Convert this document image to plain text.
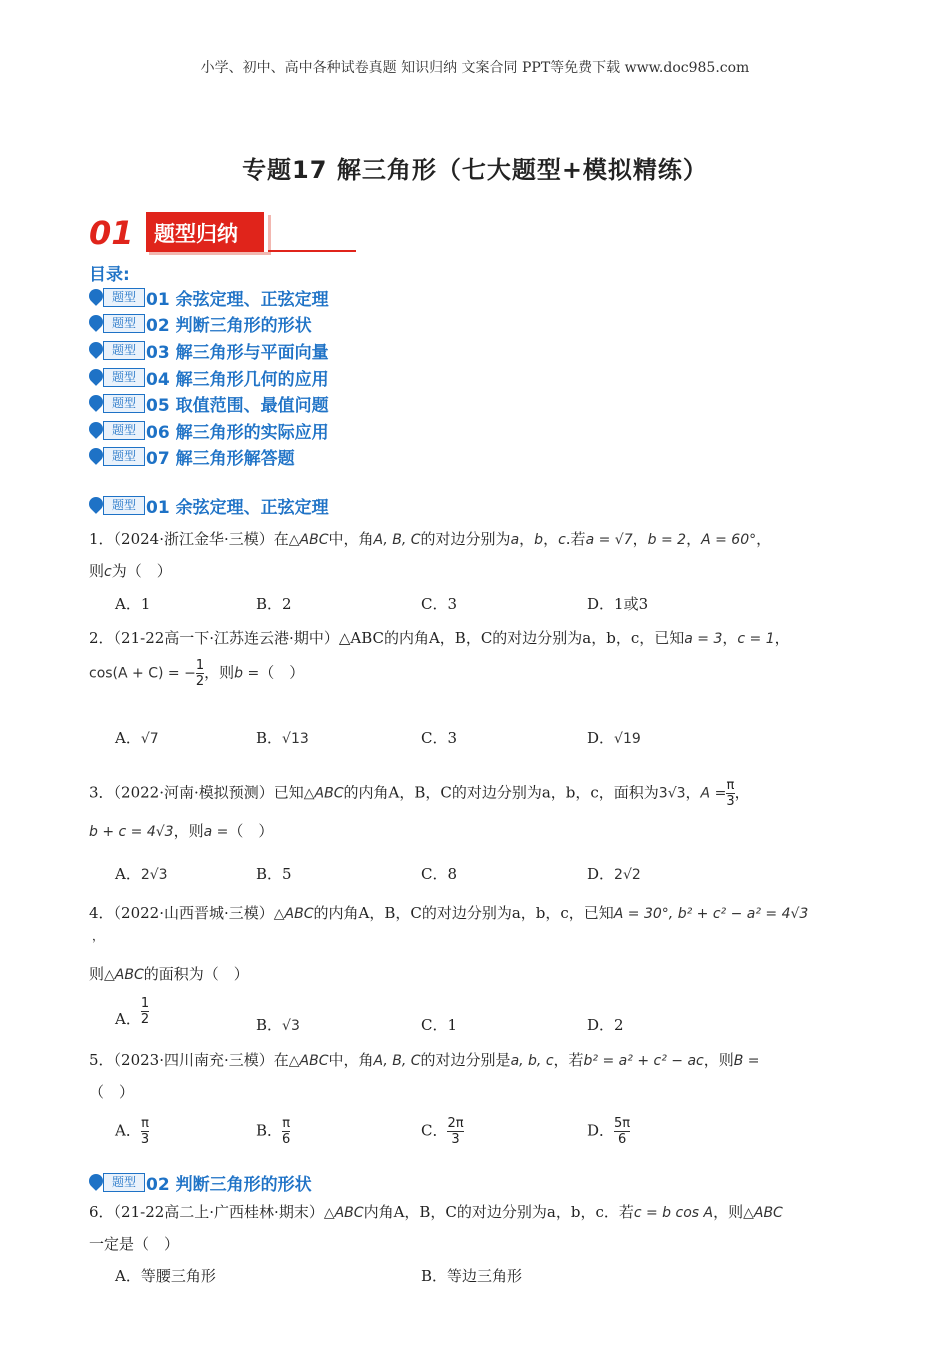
小学、初中、高中各种试卷真题 知识归纳 文案合同 PPT等免费下载 www.doc985.com
专题17 解三角形（七大题型+模拟精练）
01 题型归纳
目录:
题型 01 余弦定理、正弦定理
题型 02 判断三角形的形状
题型 03 解三角形与平面向量
题型 04 解三角形几何的应用
题型 05 取值范围、最值问题
题型 06 解三角形的实际应用
题型 07 解三角形解答题
题型 01 余弦定理、正弦定理
1．（2024·浙江金华·三模）在△ABC中，角A, B, C的对边分别为a，b，c.若a = √7，b = 2，A = 60°，
则c为（　）
A．1	B．2	C．3	D．1或3
2．（21-22高一下·江苏连云港·期中）△ABC的内角A，B，C的对边分别为a，b，c，已知a = 3，c = 1，
cos(A + C) = − $\frac{1}{2}$ ，则b =（　）
A．√7	B．√13	C．3	D．√19
3．（2022·河南·模拟预测）已知△ABC的内角A，B，C的对边分别为a，b，c，面积为3√3，$A = \frac{\pi}{3}$ ，
b + c = 4√3，则a =（　）
A．2√3	B．5	C．8	D．2√2
4．（2022·山西晋城·三模）△ABC的内角A，B，C的对边分别为a，b，c，已知A = 30°, b² + c² − a² = 4√3
，
则△ABC的面积为（　）
A． $\frac{1}{2}$	B．√3	C．1	D．2
5．（2023·四川南充·三模）在△ABC中，角A, B, C的对边分别是a, b, c，若b² = a² + c² − ac，则B =
（　）
A． $\frac{\pi}{3}$	B． $\frac{\pi}{6}$	C． $\frac{2\pi}{3}$	D． $\frac{5\pi}{6}$
题型 02 判断三角形的形状
6．（21-22高二上·广西桂林·期末）△ABC内角A，B，C的对边分别为a，b，c．若c = b cos A，则△ABC
一定是（　）
A．等腰三角形	B．等边三角形
